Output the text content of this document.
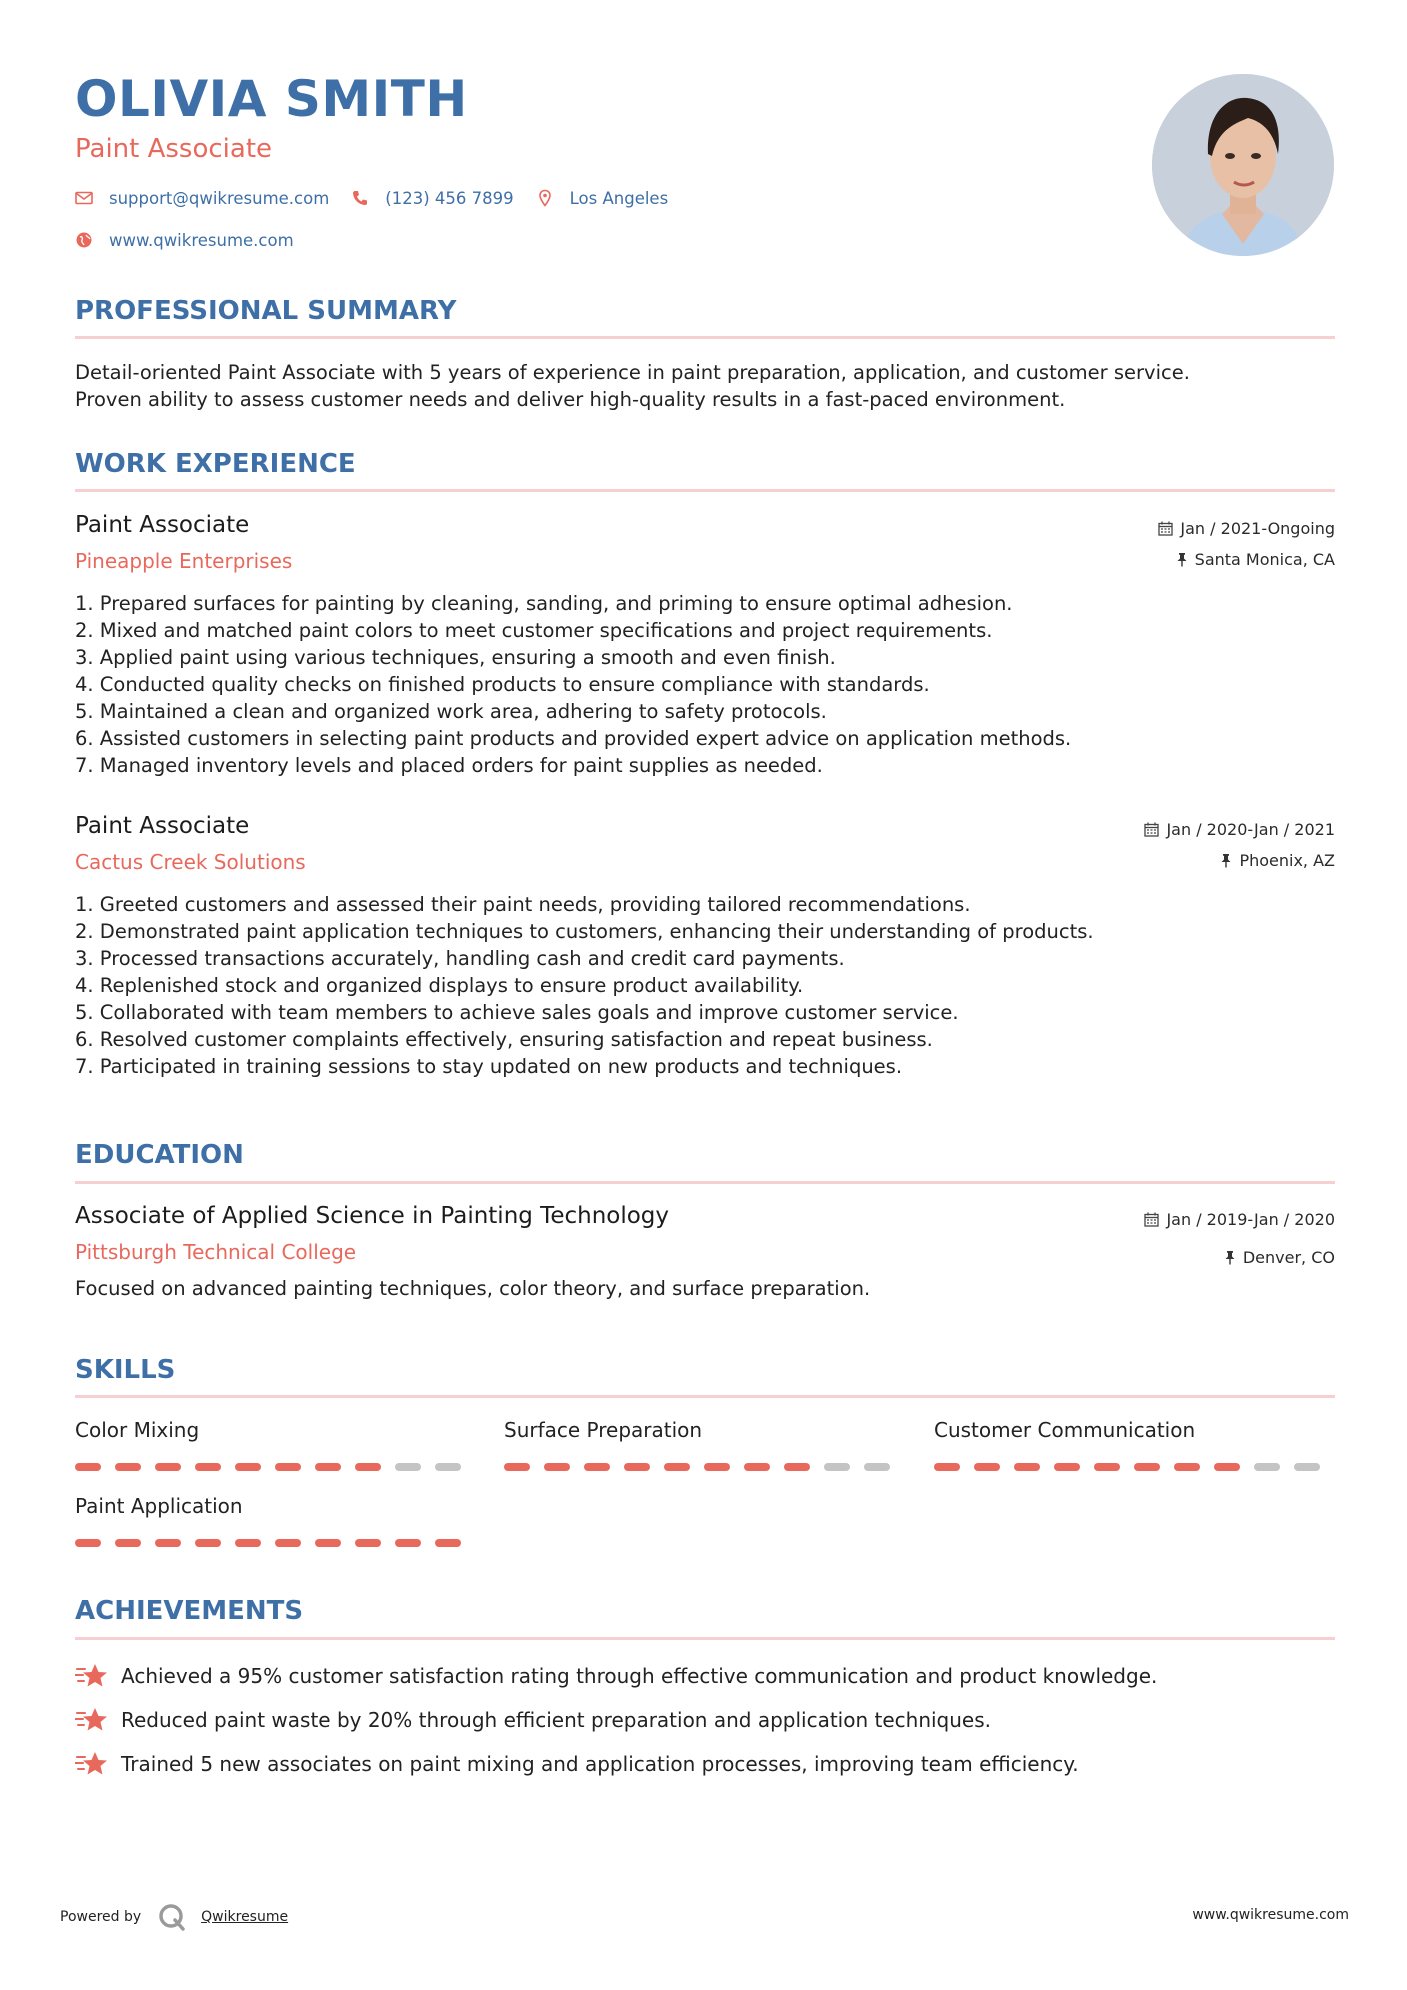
OLIVIA SMITH
Paint Associate
support@qwikresume.com	(123) 456 7899	Los Angeles
www.qwikresume.com
PROFESSIONAL SUMMARY
Detail-oriented Paint Associate with 5 years of experience in paint preparation, application, and customer service.
Proven ability to assess customer needs and deliver high-quality results in a fast-paced environment.
WORK EXPERIENCE
Paint Associate
Pineapple Enterprises
Jan / 2021-Ongoing
Santa Monica, CA
1. Prepared surfaces for painting by cleaning, sanding, and priming to ensure optimal adhesion.
2. Mixed and matched paint colors to meet customer specifications and project requirements.
3. Applied paint using various techniques, ensuring a smooth and even finish.
4. Conducted quality checks on finished products to ensure compliance with standards.
5. Maintained a clean and organized work area, adhering to safety protocols.
6. Assisted customers in selecting paint products and provided expert advice on application methods.
7. Managed inventory levels and placed orders for paint supplies as needed.
Paint Associate
Cactus Creek Solutions
Jan / 2020-Jan / 2021
Phoenix, AZ
1. Greeted customers and assessed their paint needs, providing tailored recommendations.
2. Demonstrated paint application techniques to customers, enhancing their understanding of products.
3. Processed transactions accurately, handling cash and credit card payments.
4. Replenished stock and organized displays to ensure product availability.
5. Collaborated with team members to achieve sales goals and improve customer service.
6. Resolved customer complaints effectively, ensuring satisfaction and repeat business.
7. Participated in training sessions to stay updated on new products and techniques.
EDUCATION
Associate of Applied Science in Painting Technology
Pittsburgh Technical College
Jan / 2019-Jan / 2020
Denver, CO
Focused on advanced painting techniques, color theory, and surface preparation.
SKILLS
Color Mixing	Surface Preparation	Customer Communication
Paint Application
ACHIEVEMENTS
Achieved a 95% customer satisfaction rating through effective communication and product knowledge.
Reduced paint waste by 20% through efficient preparation and application techniques.
Trained 5 new associates on paint mixing and application processes, improving team efficiency.
Powered by	Qwikresume	www.qwikresume.com
